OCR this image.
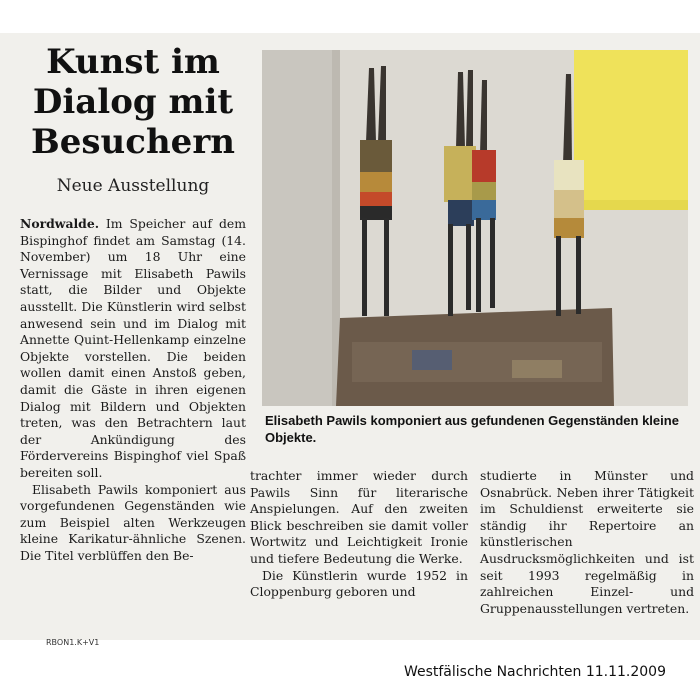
Kunst im
Dialog mit
Besuchern
Neue Ausstellung

Nordwalde. Im Speicher auf dem Bispinghof findet am Samstag (14. November) um 18 Uhr eine Vernissage mit Elisabeth Pawils statt, die Bilder und Objekte ausstellt. Die Künstlerin wird selbst anwesend sein und im Dialog mit Annette Quint-Hellenkamp einzelne Objekte vorstellen. Die beiden wollen damit einen Anstoß geben, damit die Gäste in ihren eigenen Dialog mit Bildern und Objekten treten, was den Betrachtern laut der Ankündigung des Fördervereins Bispinghof viel Spaß bereiten soll.

Elisabeth Pawils komponiert aus vorgefundenen Gegenständen wie zum Beispiel alten Werkzeugen kleine Karikatur-ähnliche Szenen. Die Titel verblüffen den Be-

trachter immer wieder durch Pawils Sinn für literarische Anspielungen. Auf den zweiten Blick beschreiben sie damit voller Wortwitz und Leichtigkeit Ironie und tiefere Bedeutung die Werke.

Die Künstlerin wurde 1952 in Cloppenburg geboren und

studierte in Münster und Osnabrück. Neben ihrer Tätigkeit im Schuldienst erweiterte sie ständig ihr Repertoire an künstlerischen Ausdrucksmöglichkeiten und ist seit 1993 regelmäßig in zahlreichen Einzel- und Gruppenausstellungen vertreten.

RBON1.K+V1
Elisabeth Pawils komponiert aus gefundenen Gegenständen kleine Objekte.
Westfälische Nachrichten 11.11.2009
